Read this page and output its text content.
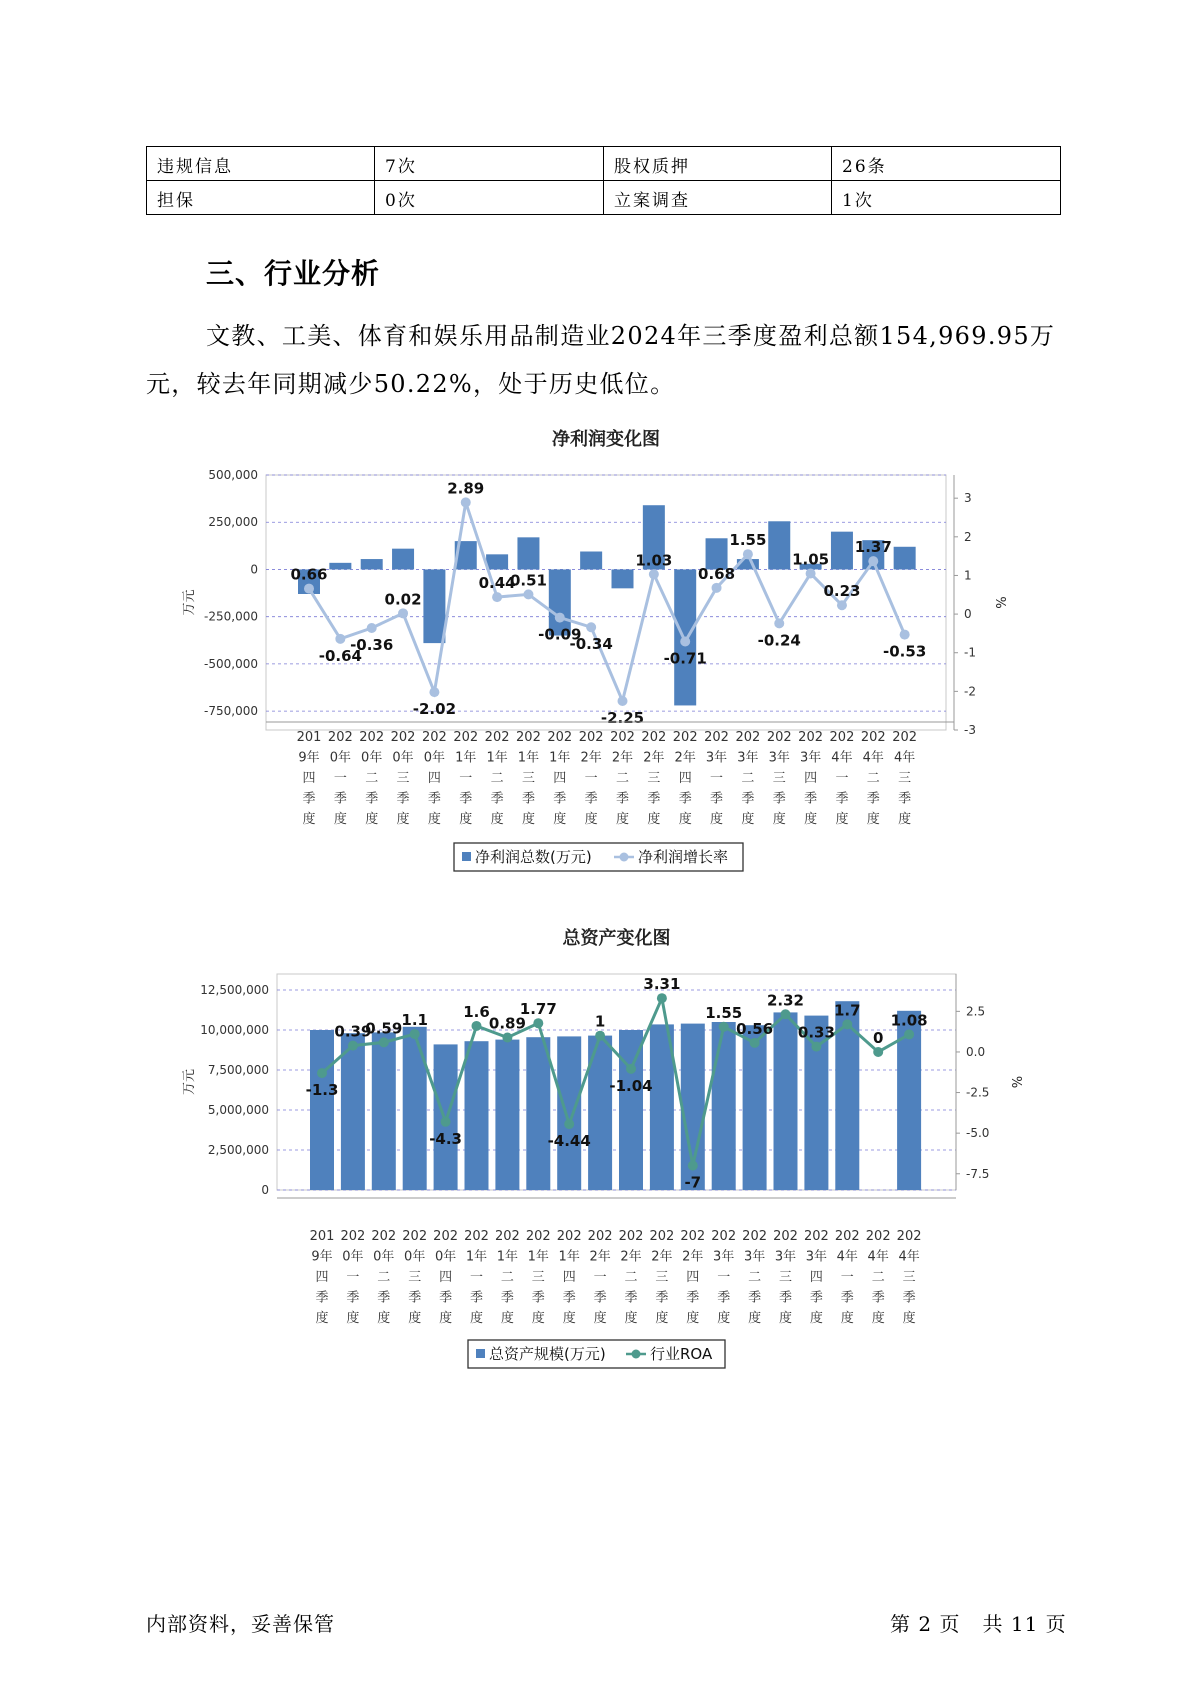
违规信息	7次	股权质押	26条
担保	0次	立案调查	1次
三、行业分析

文教、工美、体育和娱乐用品制造业2024年三季度盈利总额154,969.95万元，较去年同期减少50.22%，处于历史低位。

净利润变化图
500,000
250,000
0
-250,000
-500,000
-750,000
3
2
1
0
-1
-2
-3
万元	%
0.66
-0.64
-0.36
0.02
-2.02
2.89
0.44
0.51
-0.09
-0.34
-2.25
1.03
-0.71
0.68
1.55
-0.24
1.05
0.23
1.37
-0.53
201
9年
四
季
度
202
0年
一
季
度
202
0年
二
季
度
202
0年
三
季
度
202
0年
四
季
度
202
1年
一
季
度
202
1年
二
季
度
202
1年
三
季
度
202
1年
四
季
度
202
2年
一
季
度
202
2年
二
季
度
202
2年
三
季
度
202
2年
四
季
度
202
3年
一
季
度
202
3年
二
季
度
202
3年
三
季
度
202
3年
四
季
度
202
4年
一
季
度
202
4年
二
季
度
202
4年
三
季
度
净利润总数(万元)	净利润增长率
总资产变化图
12,500,000
10,000,000
7,500,000
5,000,000
2,500,000
0
2.5
0.0
-2.5
-5.0
-7.5
万元	%
-1.3
0.39
0.59 1.1
-4.3
1.6
0.89
1.77
-4.44
1
-1.04
3.31
-7
1.55
0.56
2.32
0.33
1.7
0
1.08
201
9年
四
季
度
202
0年
一
季
度
202
0年
二
季
度
202
0年
三
季
度
202
0年
四
季
度
202
1年
一
季
度
202
1年
二
季
度
202
1年
三
季
度
202
1年
四
季
度
202
2年
一
季
度
202
2年
二
季
度
202
2年
三
季
度
202
2年
四
季
度
202
3年
一
季
度
202
3年
二
季
度
202
3年
三
季
度
202
3年
四
季
度
202
4年
一
季
度
202
4年
二
季
度
202
4年
三
季
度
总资产规模(万元)	行业ROA
内部资料，妥善保管	第 2 页   共 11 页
